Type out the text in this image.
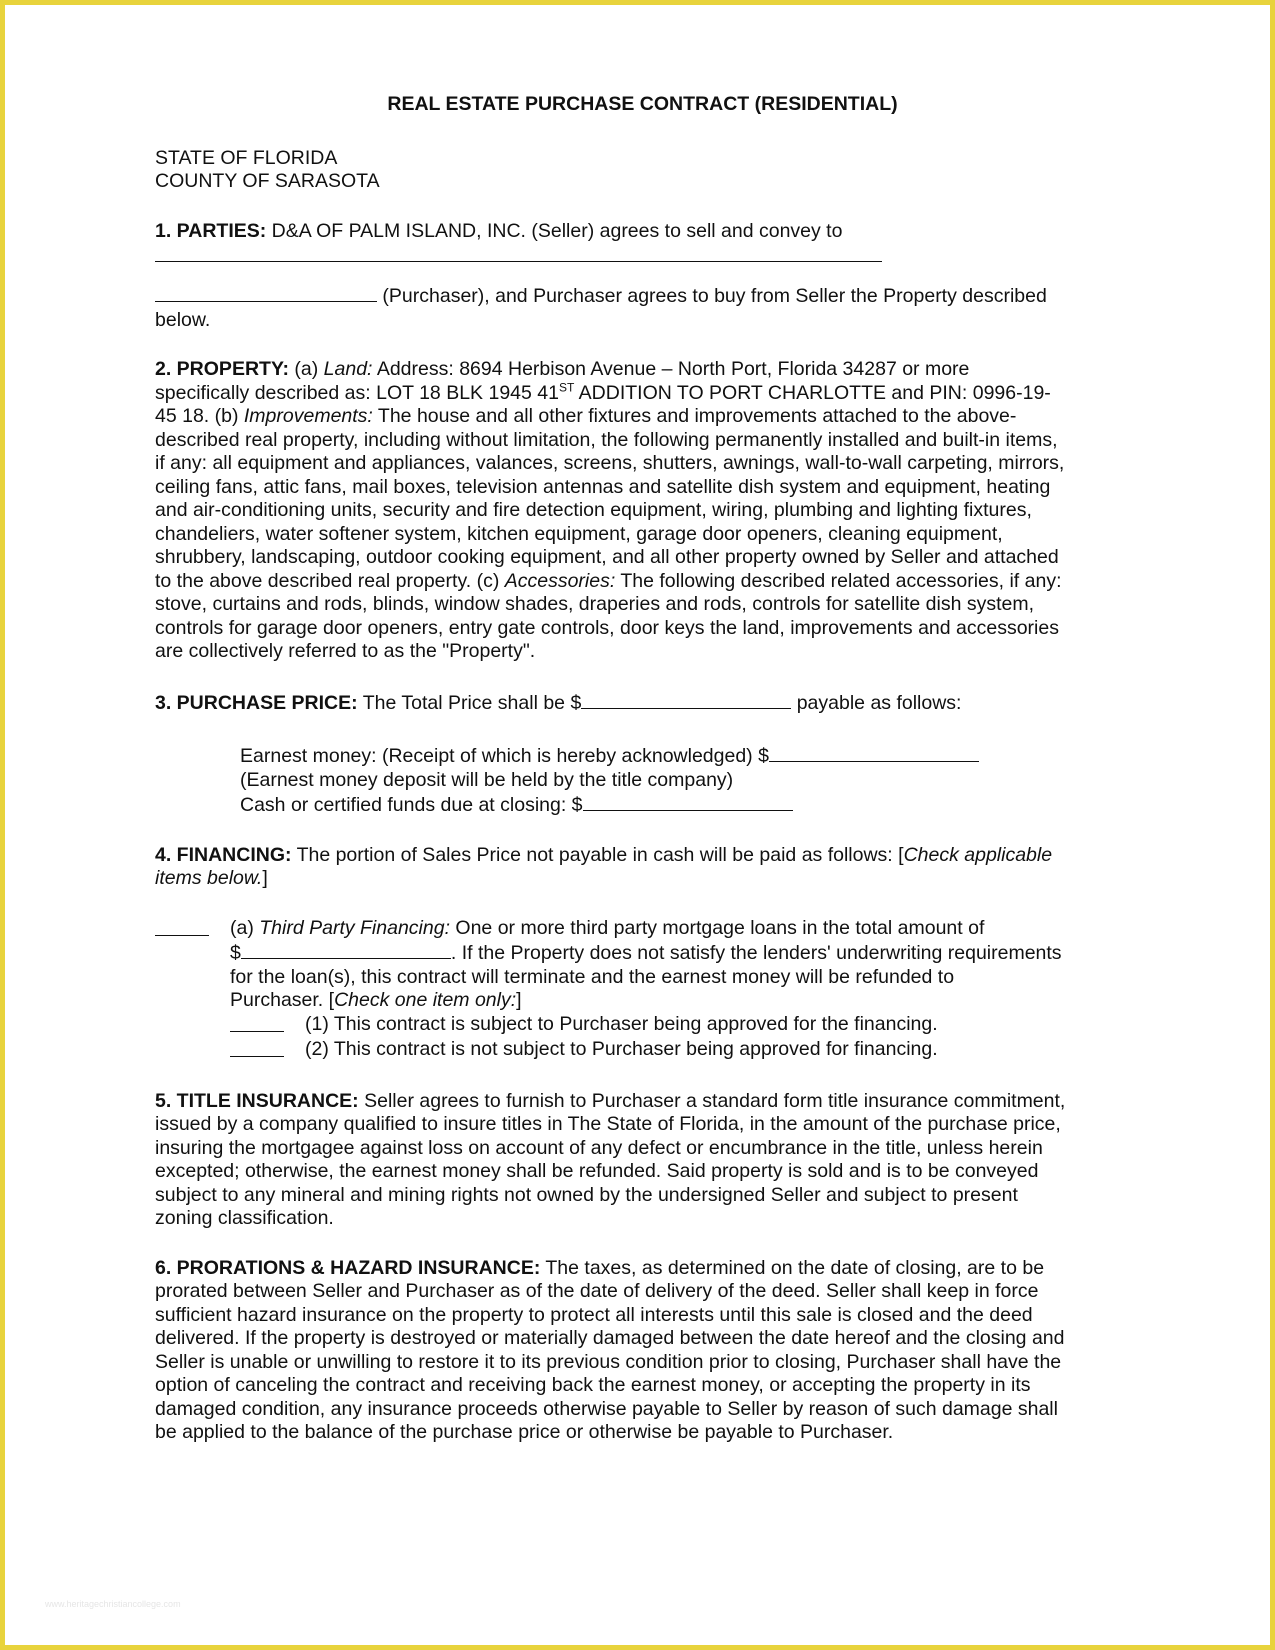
REAL ESTATE PURCHASE CONTRACT (RESIDENTIAL)
STATE OF FLORIDA
COUNTY OF SARASOTA
1. PARTIES: D&A OF PALM ISLAND, INC. (Seller) agrees to sell and convey to
(Purchaser), and Purchaser agrees to buy from Seller the Property described
below.
2. PROPERTY: (a) Land: Address: 8694 Herbison Avenue – North Port, Florida 34287 or more
specifically described as: LOT 18 BLK 1945 41ST ADDITION TO PORT CHARLOTTE and PIN: 0996-19-
45 18. (b) Improvements: The house and all other fixtures and improvements attached to the above-
described real property, including without limitation, the following permanently installed and built-in items,
if any: all equipment and appliances, valances, screens, shutters, awnings, wall-to-wall carpeting, mirrors,
ceiling fans, attic fans, mail boxes, television antennas and satellite dish system and equipment, heating
and air-conditioning units, security and fire detection equipment, wiring, plumbing and lighting fixtures,
chandeliers, water softener system, kitchen equipment, garage door openers, cleaning equipment,
shrubbery, landscaping, outdoor cooking equipment, and all other property owned by Seller and attached
to the above described real property. (c) Accessories: The following described related accessories, if any:
stove, curtains and rods, blinds, window shades, draperies and rods, controls for satellite dish system,
controls for garage door openers, entry gate controls, door keys the land, improvements and accessories
are collectively referred to as the "Property".
3. PURCHASE PRICE: The Total Price shall be $	payable as follows:
Earnest money: (Receipt of which is hereby acknowledged) $
(Earnest money deposit will be held by the title company)
Cash or certified funds due at closing: $
4. FINANCING: The portion of Sales Price not payable in cash will be paid as follows: [Check applicable
items below.]
(a) Third Party Financing: One or more third party mortgage loans in the total amount of
$	. If the Property does not satisfy the lenders' underwriting requirements
for the loan(s), this contract will terminate and the earnest money will be refunded to
Purchaser. [Check one item only:]
(1) This contract is subject to Purchaser being approved for the financing.
(2) This contract is not subject to Purchaser being approved for financing.
5. TITLE INSURANCE: Seller agrees to furnish to Purchaser a standard form title insurance commitment,
issued by a company qualified to insure titles in The State of Florida, in the amount of the purchase price,
insuring the mortgagee against loss on account of any defect or encumbrance in the title, unless herein
excepted; otherwise, the earnest money shall be refunded. Said property is sold and is to be conveyed
subject to any mineral and mining rights not owned by the undersigned Seller and subject to present
zoning classification.
6. PRORATIONS & HAZARD INSURANCE: The taxes, as determined on the date of closing, are to be
prorated between Seller and Purchaser as of the date of delivery of the deed. Seller shall keep in force
sufficient hazard insurance on the property to protect all interests until this sale is closed and the deed
delivered. If the property is destroyed or materially damaged between the date hereof and the closing and
Seller is unable or unwilling to restore it to its previous condition prior to closing, Purchaser shall have the
option of canceling the contract and receiving back the earnest money, or accepting the property in its
damaged condition, any insurance proceeds otherwise payable to Seller by reason of such damage shall
be applied to the balance of the purchase price or otherwise be payable to Purchaser.
www.heritagechristiancollege.com
